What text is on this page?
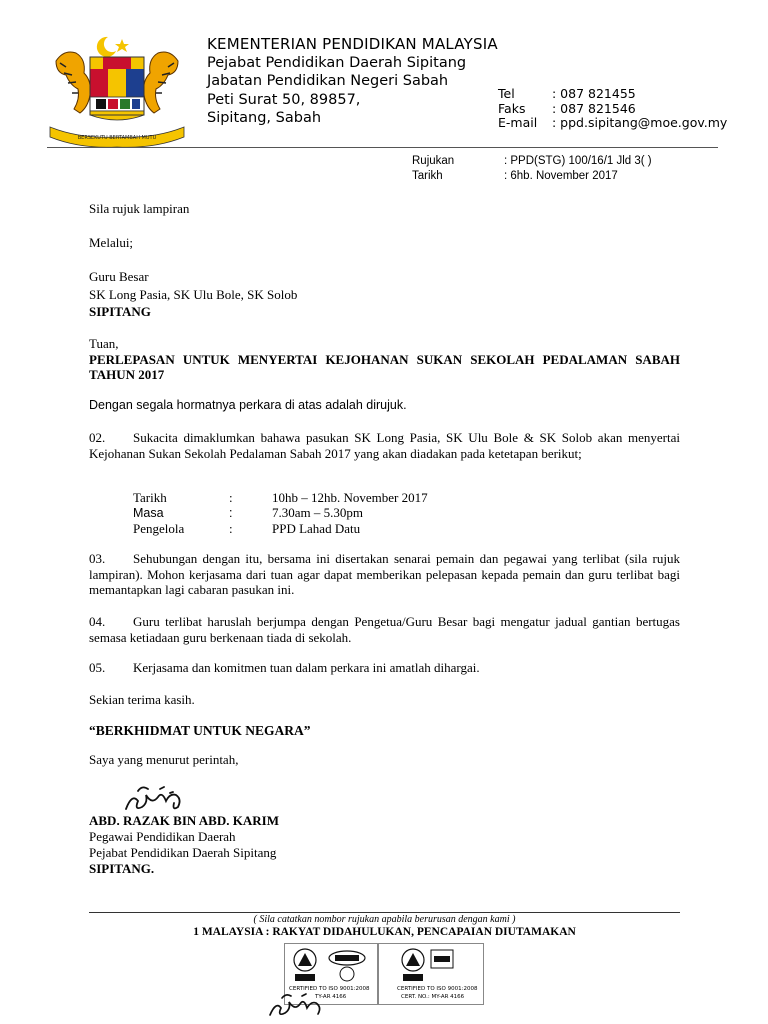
BERSEKUTU BERTAMBAH MUTU
KEMENTERIAN PENDIDIKAN MALAYSIA
Pejabat Pendidikan Daerah Sipitang
Jabatan Pendidikan Negeri Sabah
Peti Surat 50, 89857,
Sipitang, Sabah
Tel	: 087 821455
Faks : 087 821546
E-mail : ppd.sipitang@moe.gov.my
Rujukan	: PPD(STG) 100/16/1 Jld 3( )
Tarikh	: 6hb. November 2017
Sila rujuk lampiran
Melalui;
Guru Besar
SK Long Pasia, SK Ulu Bole, SK Solob
SIPITANG
Tuan,
PERLEPASAN UNTUK MENYERTAI KEJOHANAN SUKAN SEKOLAH PEDALAMAN SABAH TAHUN 2017
Dengan segala hormatnya perkara di atas adalah dirujuk.
02. Sukacita dimaklumkan bahawa pasukan SK Long Pasia, SK Ulu Bole & SK Solob akan menyertai Kejohanan Sukan Sekolah Pedalaman Sabah 2017 yang akan diadakan pada ketetapan berikut;
Tarikh	:	10hb – 12hb. November 2017
Masa	:	7.30am – 5.30pm
Pengelola	:	PPD Lahad Datu
03. Sehubungan dengan itu, bersama ini disertakan senarai pemain dan pegawai yang terlibat (sila rujuk lampiran). Mohon kerjasama dari tuan agar dapat memberikan pelepasan kepada pemain dan guru terlibat bagi memantapkan lagi cabaran pasukan ini.
04. Guru terlibat haruslah berjumpa dengan Pengetua/Guru Besar bagi mengatur jadual gantian bertugas semasa ketiadaan guru berkenaan tiada di sekolah.
05. Kerjasama dan komitmen tuan dalam perkara ini amatlah dihargai.
Sekian terima kasih.
“BERKHIDMAT UNTUK NEGARA”
Saya yang menurut perintah,
ABD. RAZAK BIN ABD. KARIM
Pegawai Pendidikan Daerah
Pejabat Pendidikan Daerah Sipitang
SIPITANG.
( Sila catatkan nombor rujukan apabila berurusan dengan kami )
1 MALAYSIA : RAKYAT DIDAHULUKAN, PENCAPAIAN DIUTAMAKAN
CERTIFIED TO ISO 9001:2008
TY-AR 4166
CERTIFIED TO ISO 9001:2008
CERT. NO.: MY-AR 4166
